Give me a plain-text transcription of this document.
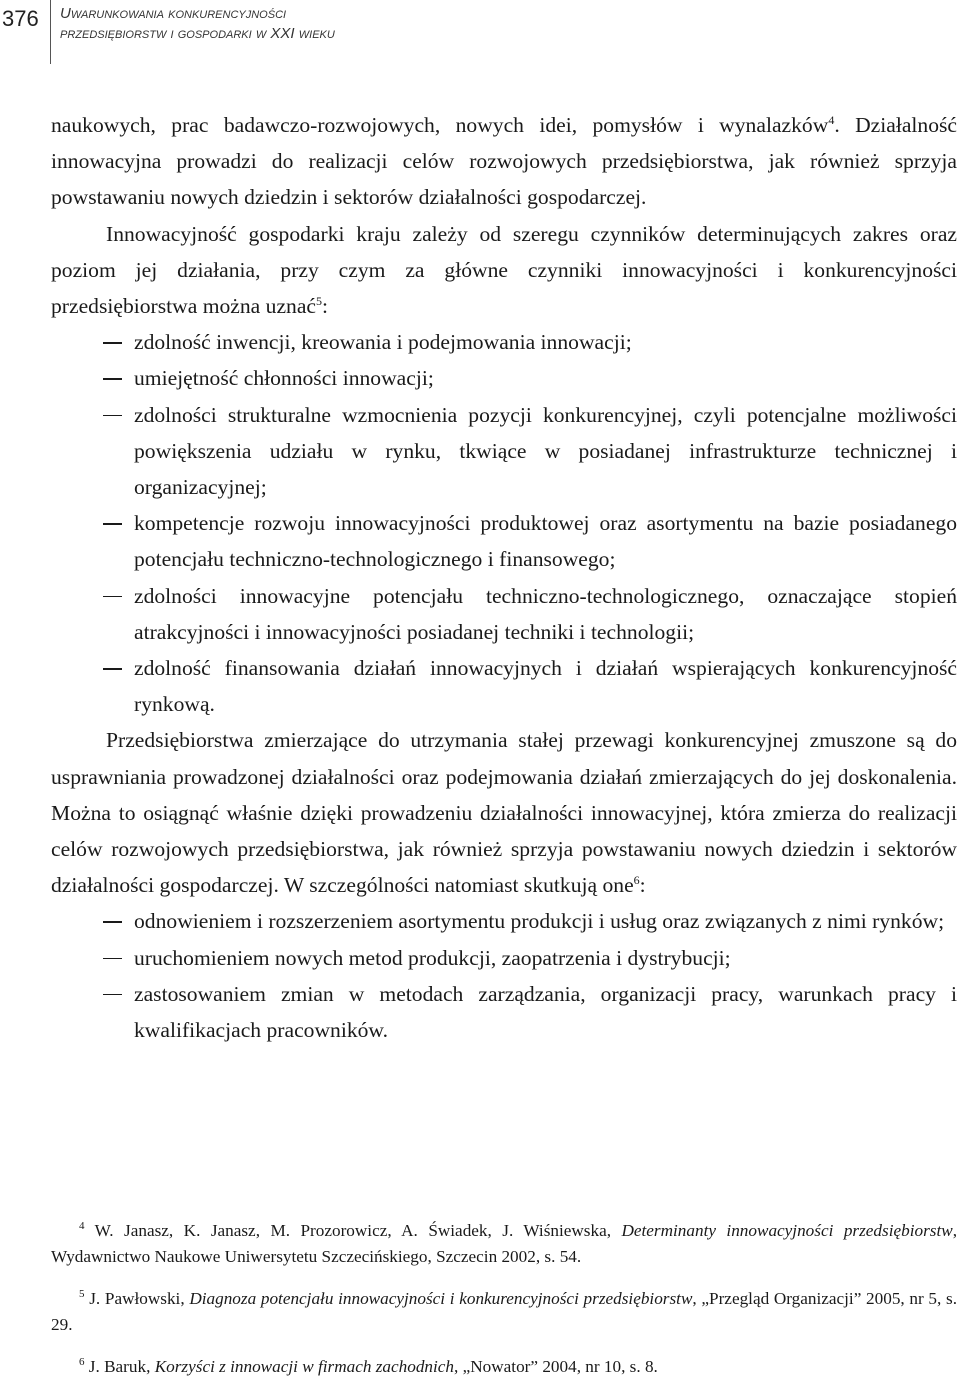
376 Uwarunkowania konkurencyjności
przedsiębiorstw i gospodarki w XXI wieku

naukowych, prac badawczo-rozwojowych, nowych idei, pomysłów i wynalazków$^4$. Działalność innowacyjna prowadzi do realizacji celów rozwojowych przedsiębiorstwa, jak również sprzyja powstawaniu nowych dziedzin i sektorów działalności gospodarczej.

Innowacyjność gospodarki kraju zależy od szeregu czynników determinujących zakres oraz poziom jej działania, przy czym za główne czynniki innowacyjności i konkurencyjności przedsiębiorstwa można uznać$^5$:

zdolność inwencji, kreowania i podejmowania innowacji;
umiejętność chłonności innowacji;
zdolności strukturalne wzmocnienia pozycji konkurencyjnej, czyli potencjalne możliwości powiększenia udziału w rynku, tkwiące w posiadanej infrastrukturze technicznej i organizacyjnej;
kompetencje rozwoju innowacyjności produktowej oraz asortymentu na bazie posiadanego potencjału techniczno-technologicznego i finansowego;
zdolności innowacyjne potencjału techniczno-technologicznego, oznaczające stopień atrakcyjności i innowacyjności posiadanej techniki i technologii;
zdolność finansowania działań innowacyjnych i działań wspierających konkurencyjność rynkową.

Przedsiębiorstwa zmierzające do utrzymania stałej przewagi konkurencyjnej zmuszone są do usprawniania prowadzonej działalności oraz podejmowania działań zmierzających do jej doskonalenia. Można to osiągnąć właśnie dzięki prowadzeniu działalności innowacyjnej, która zmierza do realizacji celów rozwojowych przedsiębiorstwa, jak również sprzyja powstawaniu nowych dziedzin i sektorów działalności gospodarczej. W szczególności natomiast skutkują one$^6$:

odnowieniem i rozszerzeniem asortymentu produkcji i usług oraz związanych z nimi rynków;
uruchomieniem nowych metod produkcji, zaopatrzenia i dystrybucji;
zastosowaniem zmian w metodach zarządzania, organizacji pracy, warunkach pracy i kwalifikacjach pracowników.

$^4$ W. Janasz, K. Janasz, M. Prozorowicz, A. Świadek, J. Wiśniewska, Determinanty innowacyjności przedsiębiorstw, Wydawnictwo Naukowe Uniwersytetu Szczecińskiego, Szczecin 2002, s. 54.

$^5$ J. Pawłowski, Diagnoza potencjału innowacyjności i konkurencyjności przedsiębiorstw, „Przegląd Organizacji” 2005, nr 5, s. 29.

$^6$ J. Baruk, Korzyści z innowacji w firmach zachodnich, „Nowator” 2004, nr 10, s. 8.
